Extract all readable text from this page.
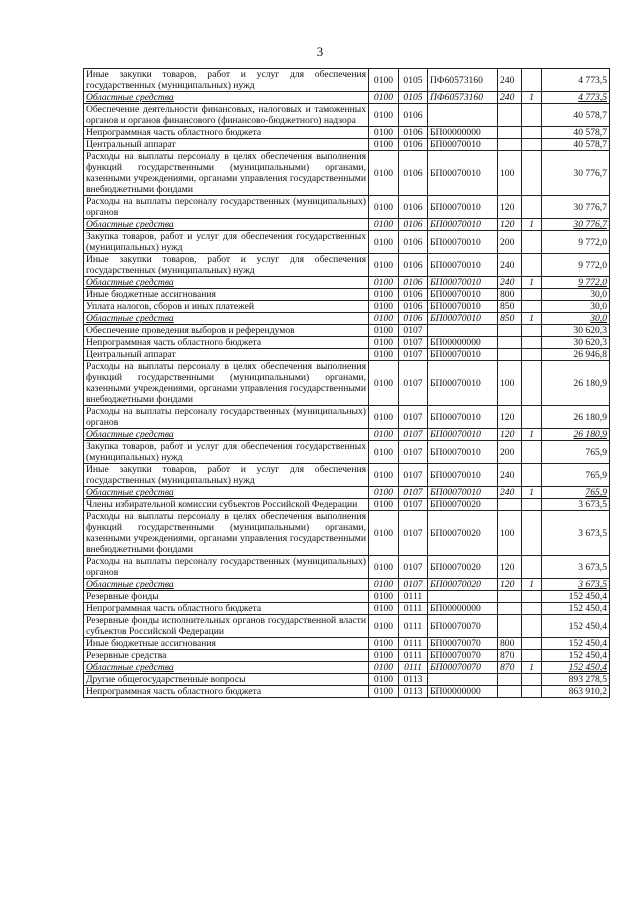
3
Иные закупки товаров, работ и услуг для обеспечения государственных (муниципальных) нужд	0100	0105	ПФ60573160	240		4 773,5
Областные средства	0100	0105	ПФ60573160	240	1	4 773,5
Обеспечение деятельности финансовых, налоговых и таможенных органов и органов финансового (финансово-бюджетного) надзора	0100	0106				40 578,7
Непрограммная часть областного бюджета	0100	0106	БП00000000			40 578,7
Центральный аппарат	0100	0106	БП00070010			40 578,7
Расходы на выплаты персоналу в целях обеспечения выполнения функций государственными (муниципальными) органами, казенными учреждениями, органами управления государственными внебюджетными фондами	0100	0106	БП00070010	100		30 776,7
Расходы на выплаты персоналу государственных (муниципальных) органов	0100	0106	БП00070010	120		30 776,7
Областные средства	0100	0106	БП00070010	120	1	30 776,7
Закупка товаров, работ и услуг для обеспечения государственных (муниципальных) нужд	0100	0106	БП00070010	200		9 772,0
Иные закупки товаров, работ и услуг для обеспечения государственных (муниципальных) нужд	0100	0106	БП00070010	240		9 772,0
Областные средства	0100	0106	БП00070010	240	1	9 772,0
Иные бюджетные ассигнования	0100	0106	БП00070010	800		30,0
Уплата налогов, сборов и иных платежей	0100	0106	БП00070010	850		30,0
Областные средства	0100	0106	БП00070010	850	1	30,0
Обеспечение проведения выборов и референдумов	0100	0107				30 620,3
Непрограммная часть областного бюджета	0100	0107	БП00000000			30 620,3
Центральный аппарат	0100	0107	БП00070010			26 946,8
Расходы на выплаты персоналу в целях обеспечения выполнения функций государственными (муниципальными) органами, казенными учреждениями, органами управления государственными внебюджетными фондами	0100	0107	БП00070010	100		26 180,9
Расходы на выплаты персоналу государственных (муниципальных) органов	0100	0107	БП00070010	120		26 180,9
Областные средства	0100	0107	БП00070010	120	1	26 180,9
Закупка товаров, работ и услуг для обеспечения государственных (муниципальных) нужд	0100	0107	БП00070010	200		765,9
Иные закупки товаров, работ и услуг для обеспечения государственных (муниципальных) нужд	0100	0107	БП00070010	240		765,9
Областные средства	0100	0107	БП00070010	240	1	765,9
Члены избирательной комиссии субъектов Российской Федерации	0100	0107	БП00070020			3 673,5
Расходы на выплаты персоналу в целях обеспечения выполнения функций государственными (муниципальными) органами, казенными учреждениями, органами управления государственными внебюджетными фондами	0100	0107	БП00070020	100		3 673,5
Расходы на выплаты персоналу государственных (муниципальных) органов	0100	0107	БП00070020	120		3 673,5
Областные средства	0100	0107	БП00070020	120	1	3 673,5
Резервные фонды	0100	0111				152 450,4
Непрограммная часть областного бюджета	0100	0111	БП00000000			152 450,4
Резервные фонды исполнительных органов государственной власти субъектов Российской Федерации	0100	0111	БП00070070			152 450,4
Иные бюджетные ассигнования	0100	0111	БП00070070	800		152 450,4
Резервные средства	0100	0111	БП00070070	870		152 450,4
Областные средства	0100	0111	БП00070070	870	1	152 450,4
Другие общегосударственные вопросы	0100	0113				893 278,5
Непрограммная часть областного бюджета	0100	0113	БП00000000			863 910,2
